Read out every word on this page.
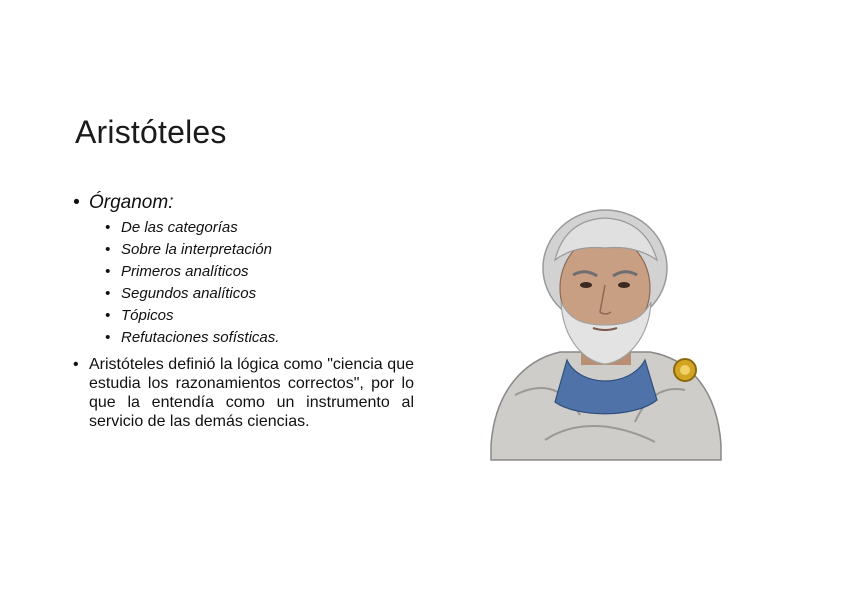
Aristóteles
• Órganom:
• De las categorías
• Sobre la interpretación
• Primeros analíticos
• Segundos analíticos
• Tópicos
• Refutaciones sofísticas.
• Aristóteles definió la lógica como "ciencia que estudia los razonamientos correctos", por lo que la entendía como un instrumento al servicio de las demás ciencias.
